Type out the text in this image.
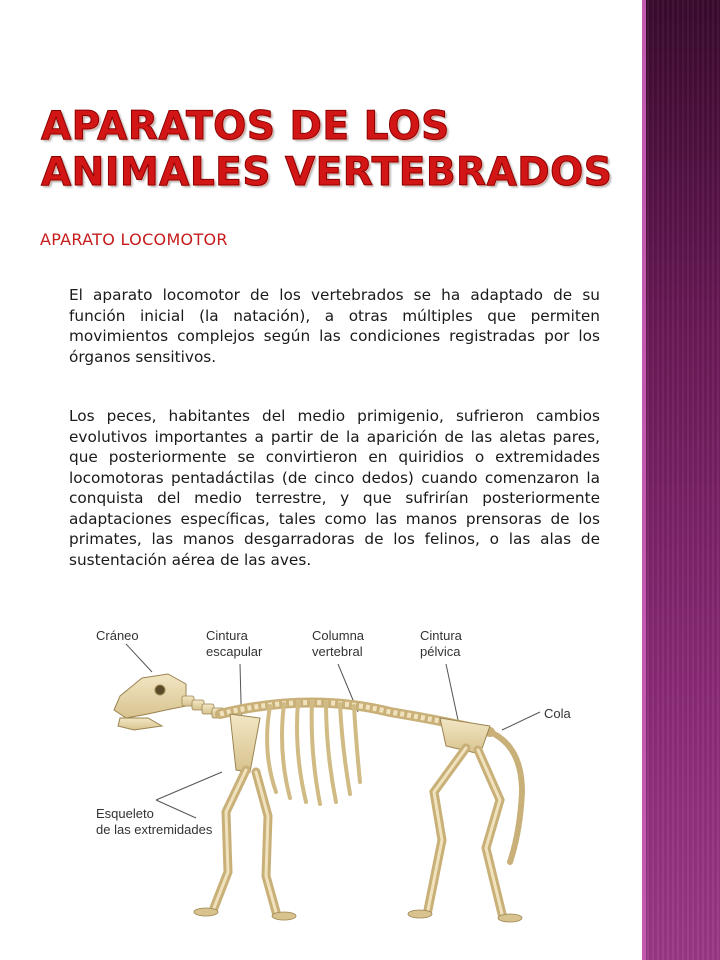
APARATOS DE LOS ANIMALES VERTEBRADOS
APARATO LOCOMOTOR

El aparato locomotor de los vertebrados se ha adaptado de su función inicial (la natación), a otras múltiples que permiten movimientos complejos según las condiciones registradas por los órganos sensitivos.

Los peces, habitantes del medio primigenio, sufrieron cambios evolutivos importantes a partir de la aparición de las aletas pares, que posteriormente se convirtieron en quiridios o extremidades locomotoras pentadáctilas (de cinco dedos) cuando comenzaron la conquista del medio terrestre, y que sufrirían posteriormente adaptaciones específicas, tales como las manos prensoras de los primates, las manos desgarradoras de los felinos, o las alas de sustentación aérea de las aves.

Cráneo	Cintura
escapular
Columna
vertebral
Cintura
pélvica
Cola
Esqueleto
de las extremidades
